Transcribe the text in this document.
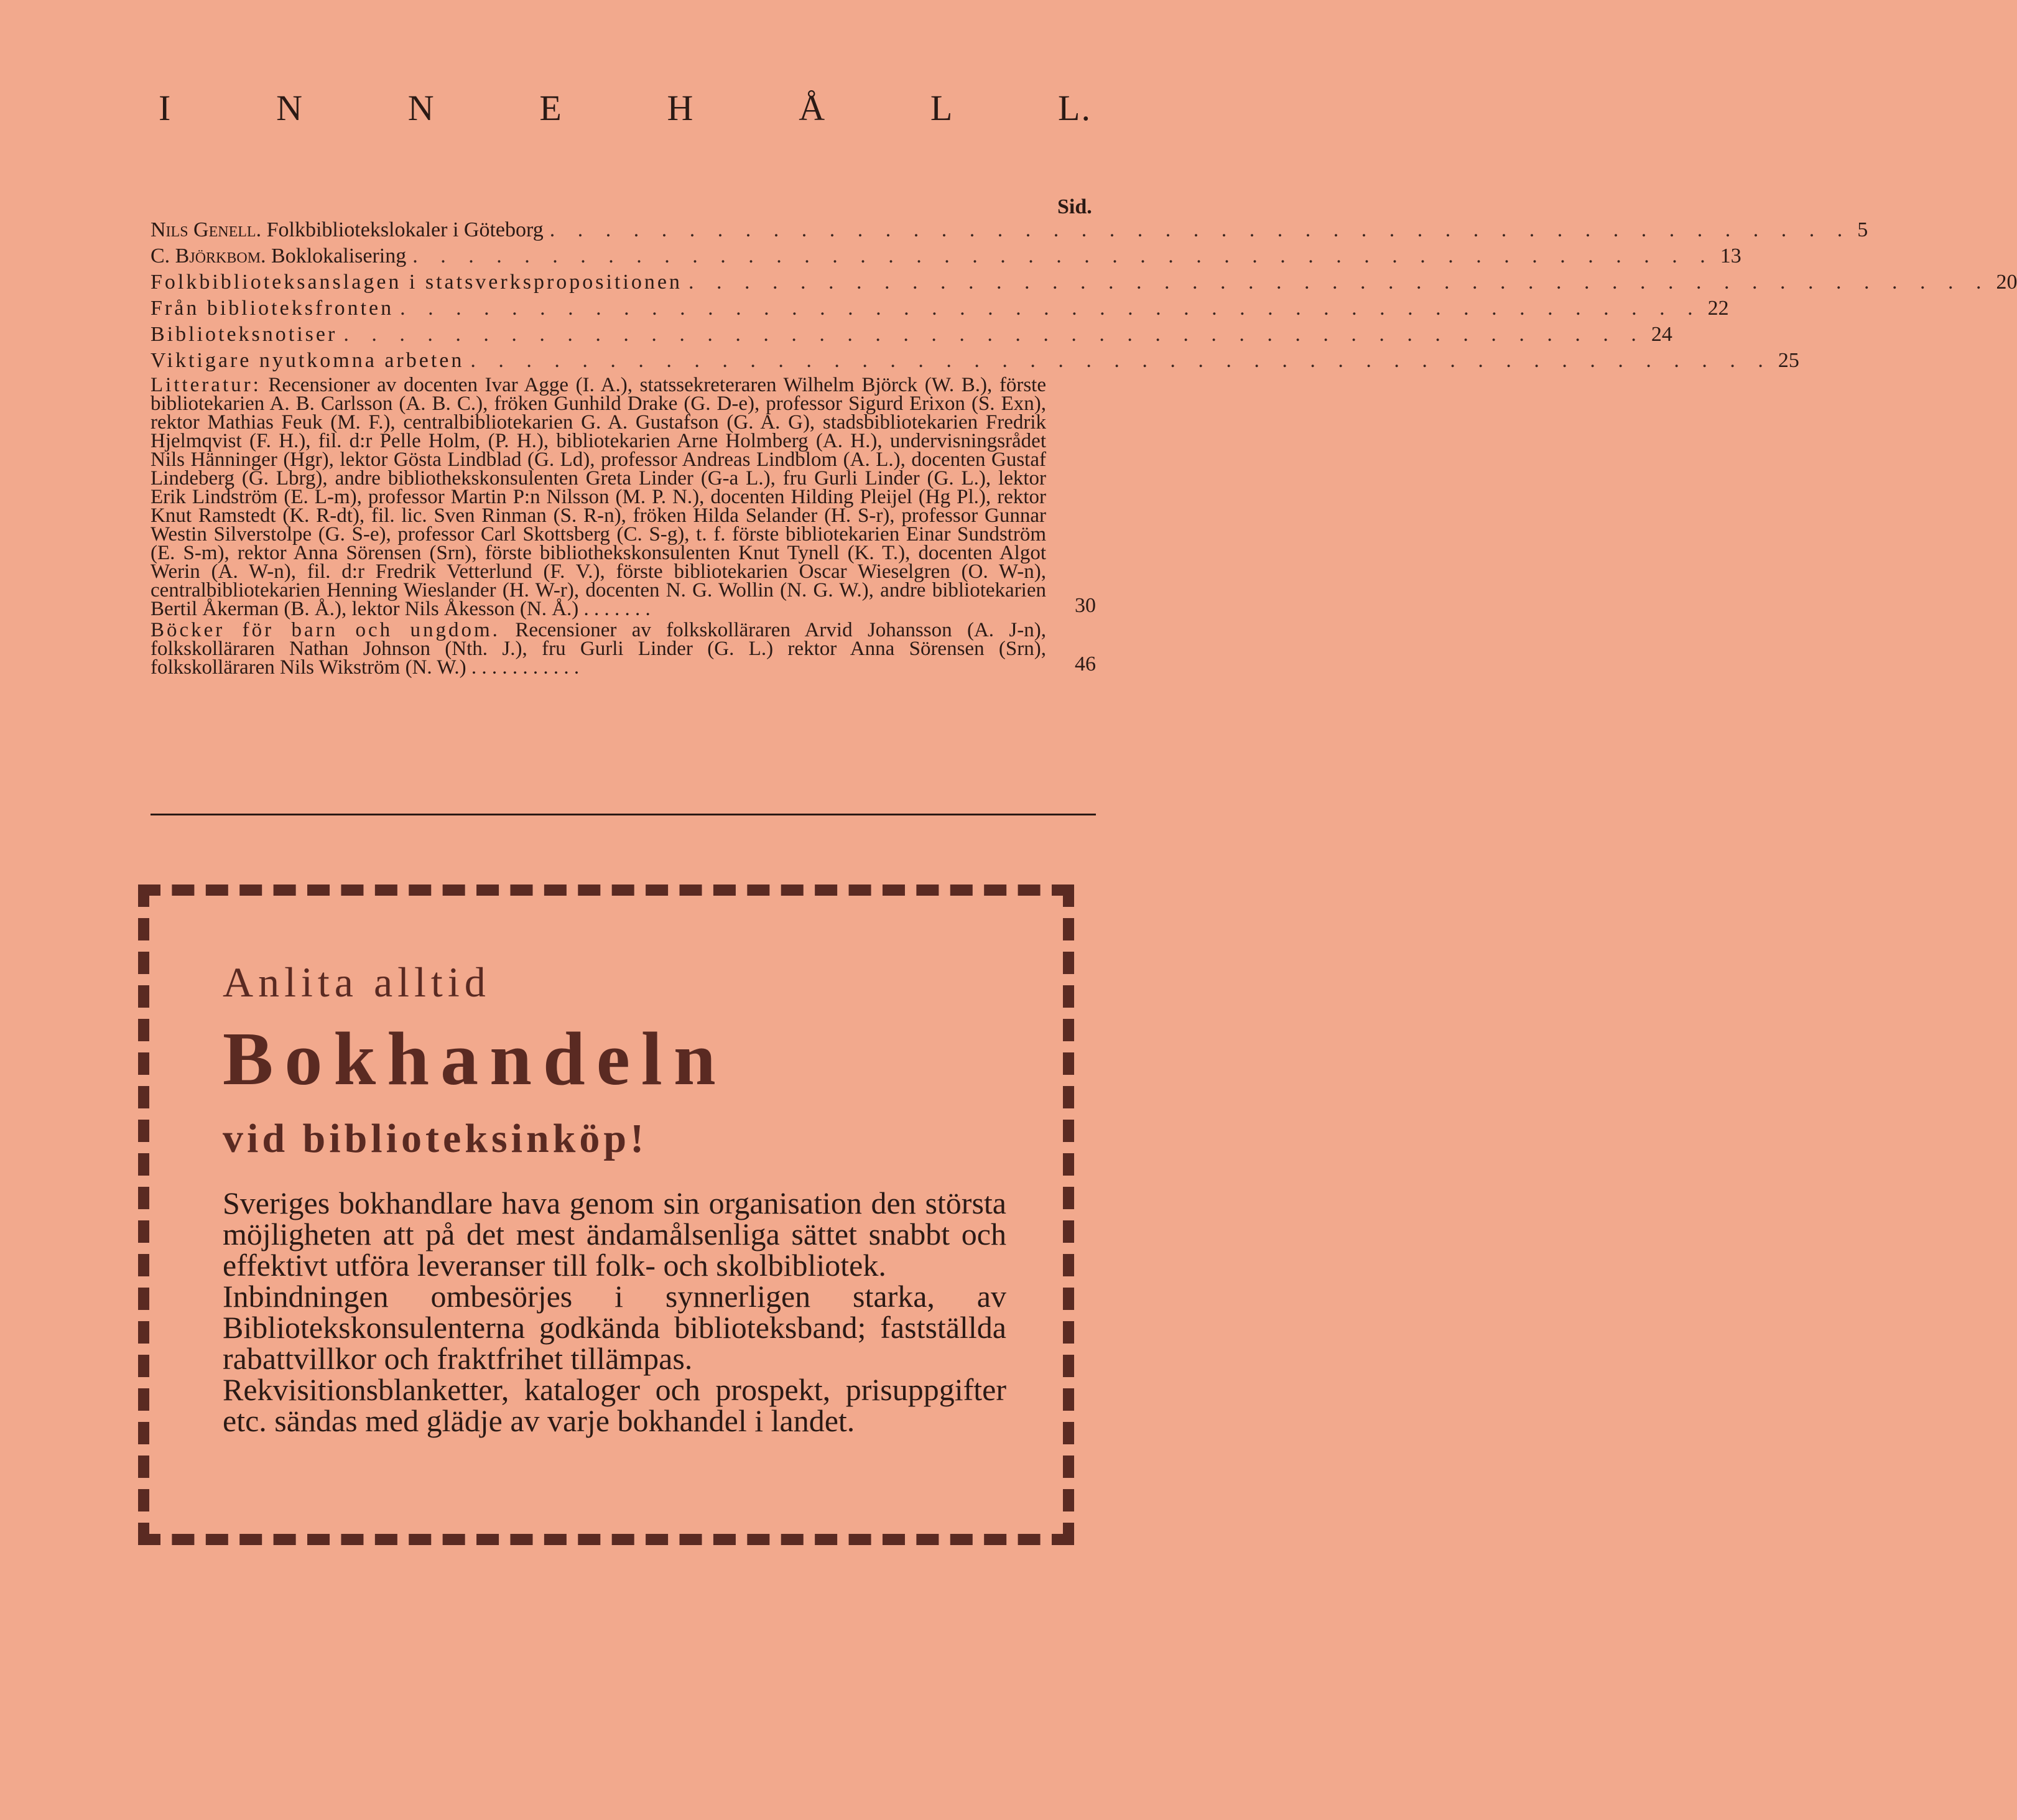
I	N	N	E	H	Å	L	L.
Sid.
Nils Genell. Folkbibliotekslokaler i Göteborg . . . . . . . . . . . . . . . . . . . . . . . . . . . . . . . . . . . . . . . . . . . . . . . 5
C. Björkbom. Boklokalisering . . . . . . . . . . . . . . . . . . . . . . . . . . . . . . . . . . . . . . . . . . . . . . . 13
Folkbiblioteksanslagen i statsverkspropositionen . . . . . . . . . . . . . . . . . . . . . . . . . . . . . . . . . . . . . . . . . . . . . . . 20
Från biblioteksfronten . . . . . . . . . . . . . . . . . . . . . . . . . . . . . . . . . . . . . . . . . . . . . . . 22
Biblioteksnotiser . . . . . . . . . . . . . . . . . . . . . . . . . . . . . . . . . . . . . . . . . . . . . . . 24
Viktigare nyutkomna arbeten . . . . . . . . . . . . . . . . . . . . . . . . . . . . . . . . . . . . . . . . . . . . . . . 25
Litteratur: Recensioner av docenten Ivar Agge (I. A.), statssekreteraren Wilhelm Björck (W. B.), förste bibliotekarien A. B. Carlsson (A. B. C.), fröken Gunhild Drake (G. D-e), professor Sigurd Erixon (S. Exn), rektor Mathias Feuk (M. F.), centralbibliotekarien G. A. Gustafson (G. A. G), stadsbibliotekarien Fredrik Hjelmqvist (F. H.), fil. d:r Pelle Holm, (P. H.), bibliotekarien Arne Holmberg (A. H.), undervisningsrådet Nils Hänninger (Hgr), lektor Gösta Lindblad (G. Ld), professor Andreas Lindblom (A. L.), docenten Gustaf Lindeberg (G. Lbrg), andre bibliothekskonsulenten Greta Linder (G-a L.), fru Gurli Linder (G. L.), lektor Erik Lindström (E. L-m), professor Martin P:n Nilsson (M. P. N.), docenten Hilding Pleijel (Hg Pl.), rektor Knut Ramstedt (K. R-dt), fil. lic. Sven Rinman (S. R-n), fröken Hilda Selander (H. S-r), professor Gunnar Westin Silverstolpe (G. S-e), professor Carl Skottsberg (C. S-g), t. f. förste bibliotekarien Einar Sundström (E. S-m), rektor Anna Sörensen (Srn), förste bibliothekskonsulenten Knut Tynell (K. T.), docenten Algot Werin (A. W-n), fil. d:r Fredrik Vetterlund (F. V.), förste bibliotekarien Oscar Wieselgren (O. W-n), centralbibliotekarien Henning Wieslander (H. W-r), docenten N. G. Wollin (N. G. W.), andre bibliotekarien Bertil Åkerman (B. Å.), lektor Nils Åkesson (N. Å.) . . . . . . .	30
Böcker för barn och ungdom. Recensioner av folkskolläraren Arvid Johansson (A. J-n), folkskolläraren Nathan Johnson (Nth. J.), fru Gurli Linder (G. L.) rektor Anna Sörensen (Srn), folkskolläraren Nils Wikström (N. W.) . . . . . . . . . . .	46
Anlita alltid
Bokhandeln
vid biblioteksinköp!

Sveriges bokhandlare hava genom sin organisation den största möjligheten att på det mest ändamålsenliga sättet snabbt och effektivt utföra leveranser till folk- och skolbibliotek.

Inbindningen ombesörjes i synnerligen starka, av Bibliotekskonsulenterna godkända biblioteksband; fastställda rabattvillkor och fraktfrihet tillämpas.

Rekvisitionsblanketter, kataloger och prospekt, prisuppgifter etc. sändas med glädje av varje bokhandel i landet.
